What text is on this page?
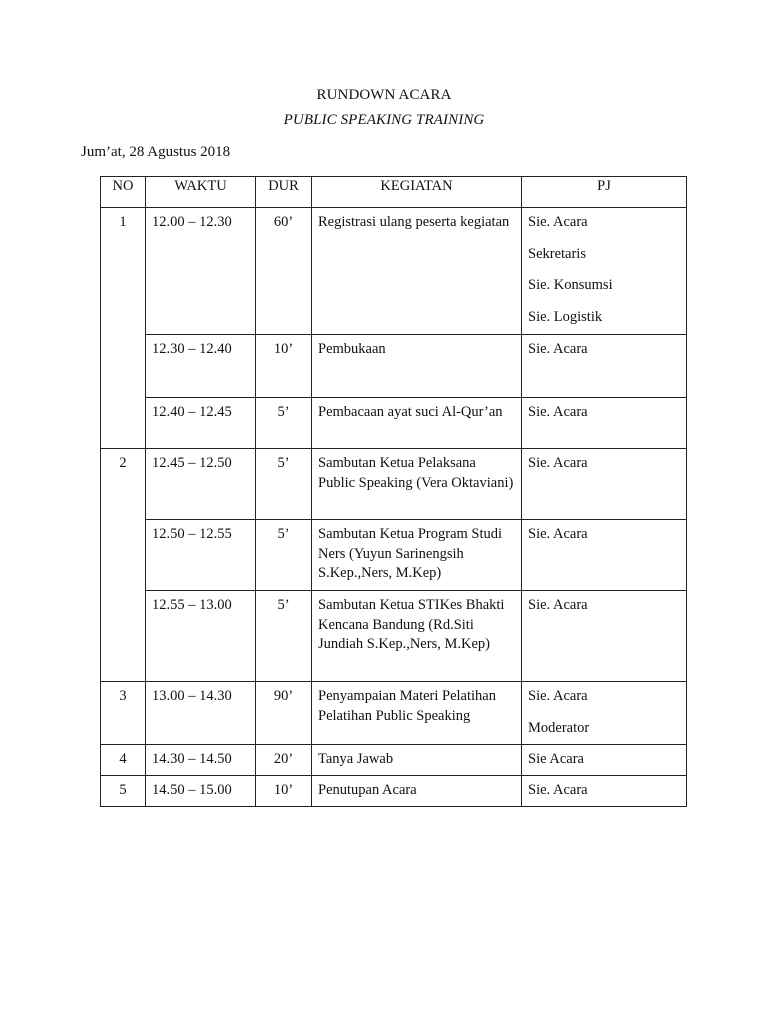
RUNDOWN ACARA
PUBLIC SPEAKING TRAINING
Jum’at, 28 Agustus 2018
NO	WAKTU	DUR	KEGIATAN	PJ
1	12.00 – 12.30	60’	Registrasi ulang peserta kegiatan	Sie. Acara
Sekretaris
Sie. Konsumsi
Sie. Logistik

	12.30 – 12.40	10’	Pembukaan	Sie. Acara

	12.40 – 12.45	5’	Pembacaan ayat suci Al-Qur’an	Sie. Acara

2	12.45 – 12.50	5’	Sambutan Ketua Pelaksana Public Speaking (Vera Oktaviani)	Sie. Acara

	12.50 – 12.55	5’	Sambutan Ketua Program Studi Ners (Yuyun Sarinengsih S.Kep.,Ners, M.Kep)	Sie. Acara

	12.55 – 13.00	5’	Sambutan Ketua STIKes Bhakti Kencana Bandung (Rd.Siti Jundiah S.Kep.,Ners, M.Kep)	Sie. Acara

3	13.00 – 14.30	90’	Penyampaian Materi Pelatihan Pelatihan Public Speaking	Sie. Acara
Moderator

4	14.30 – 14.50	20’	Tanya Jawab	Sie Acara

5	14.50 – 15.00	10’	Penutupan Acara	Sie. Acara
